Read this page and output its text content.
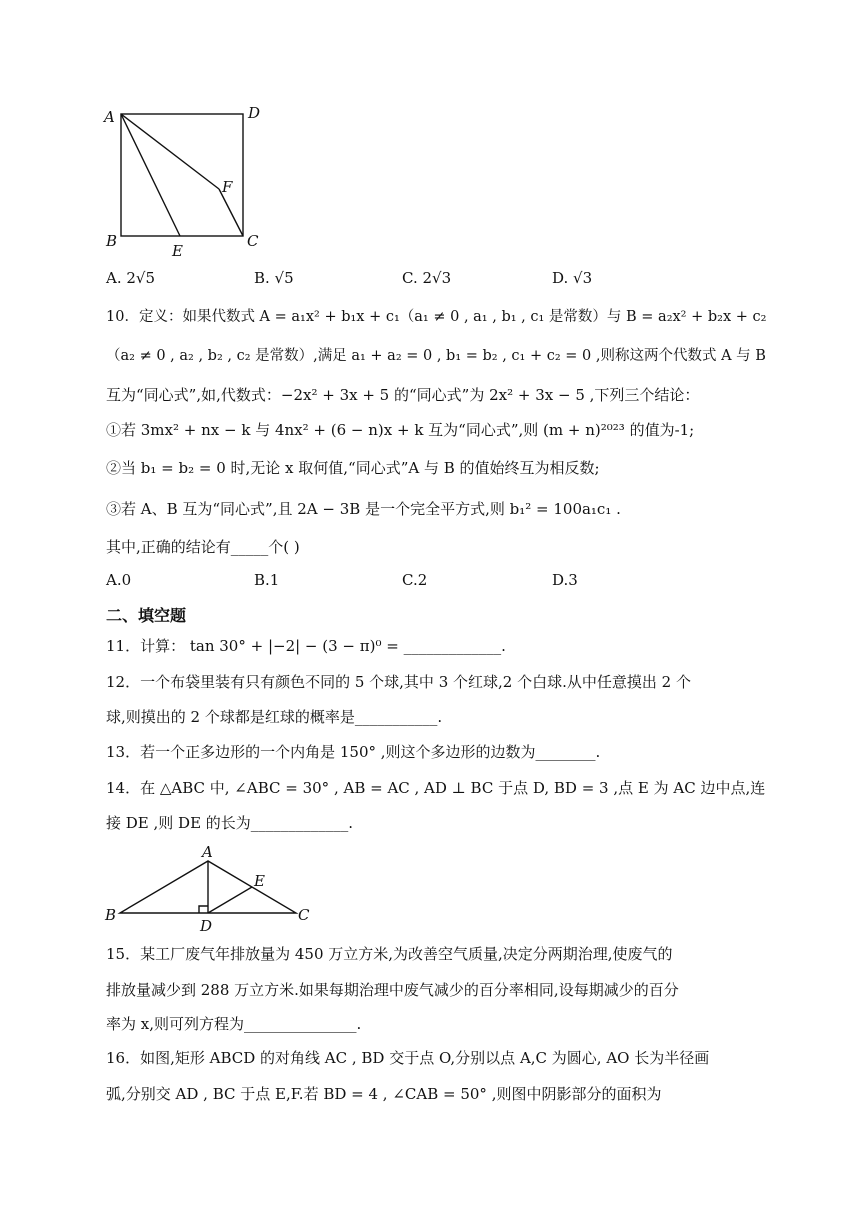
A	D
F
B
E
C
A. 2√5	B. √5	C. 2√3	D. √3
10．定义：如果代数式 A = a₁x² + b₁x + c₁（a₁ ≠ 0 , a₁ , b₁ , c₁ 是常数）与 B = a₂x² + b₂x + c₂
（a₂ ≠ 0 , a₂ , b₂ , c₂ 是常数）,满足 a₁ + a₂ = 0 , b₁ = b₂ , c₁ + c₂ = 0 ,则称这两个代数式 A 与 B
互为“同心式”,如,代数式：−2x² + 3x + 5 的“同心式”为 2x² + 3x − 5 ,下列三个结论：
①若 3mx² + nx − k 与 4nx² + (6 − n)x + k 互为“同心式”,则 (m + n)²⁰²³ 的值为-1;
②当 b₁ = b₂ = 0 时,无论 x 取何值,“同心式”A 与 B 的值始终互为相反数;
③若 A、B 互为“同心式”,且 2A − 3B 是一个完全平方式,则 b₁² = 100a₁c₁ .
其中,正确的结论有_____个( )
A.0	B.1	C.2	D.3
二、填空题
11．计算： tan 30° + |−2| − (3 − π)⁰ = _____________.
12．一个布袋里装有只有颜色不同的 5 个球,其中 3 个红球,2 个白球.从中任意摸出 2 个
球,则摸出的 2 个球都是红球的概率是___________.
13．若一个正多边形的一个内角是 150° ,则这个多边形的边数为________.
14．在 △ABC 中, ∠ABC = 30° , AB = AC , AD ⊥ BC 于点 D, BD = 3 ,点 E 为 AC 边中点,连
接 DE ,则 DE 的长为_____________.
A
E
B
D
C
15．某工厂废气年排放量为 450 万立方米,为改善空气质量,决定分两期治理,使废气的
排放量减少到 288 万立方米.如果每期治理中废气减少的百分率相同,设每期减少的百分
率为 x,则可列方程为_______________.
16．如图,矩形 ABCD 的对角线 AC , BD 交于点 O,分别以点 A,C 为圆心, AO 长为半径画
弧,分别交 AD , BC 于点 E,F.若 BD = 4 , ∠CAB = 50° ,则图中阴影部分的面积为
